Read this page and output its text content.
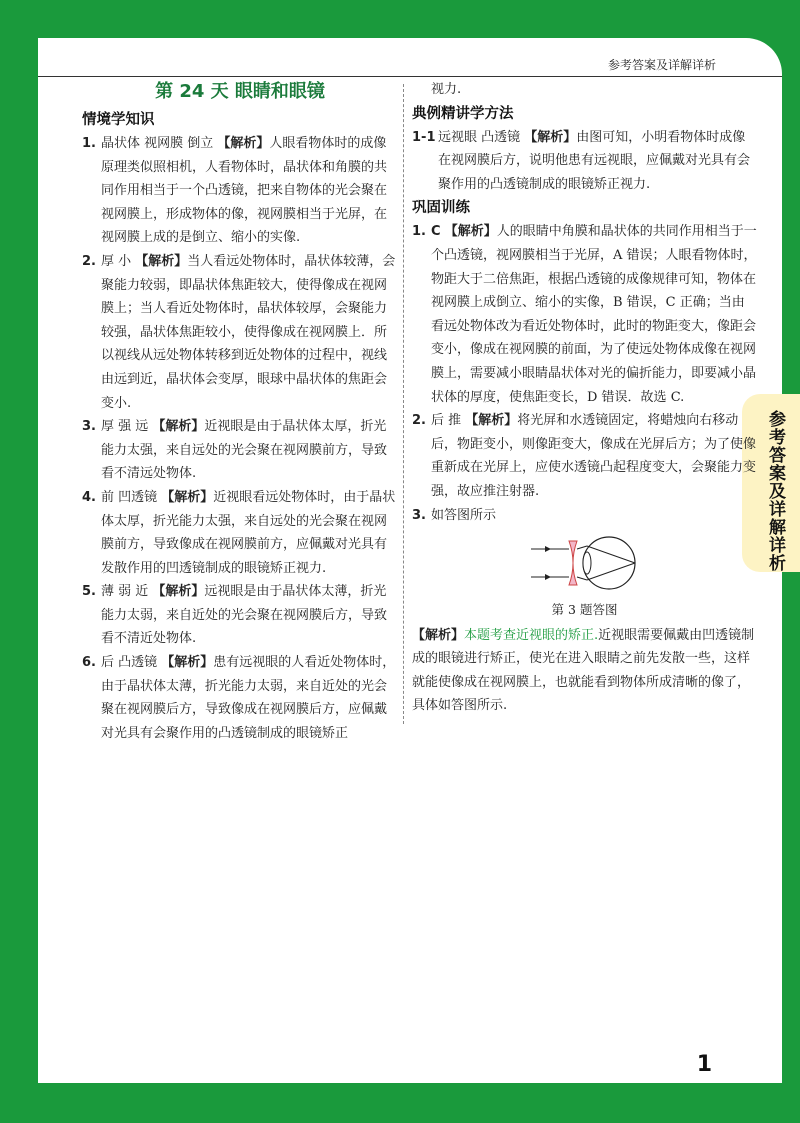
参考答案及详解详析
参考答案及详解详析
第 24 天 眼睛和眼镜
情境学知识
1. 晶状体 视网膜 倒立 【解析】人眼看物体时的成像原理类似照相机，人看物体时，晶状体和角膜的共同作用相当于一个凸透镜，把来自物体的光会聚在视网膜上，形成物体的像，视网膜相当于光屏，在视网膜上成的是倒立、缩小的实像.
2. 厚 小 【解析】当人看远处物体时，晶状体较薄，会聚能力较弱，即晶状体焦距较大，使得像成在视网膜上；当人看近处物体时，晶状体较厚，会聚能力较强，晶状体焦距较小，使得像成在视网膜上．所以视线从远处物体转移到近处物体的过程中，视线由远到近，晶状体会变厚，眼球中晶状体的焦距会变小.
3. 厚 强 远 【解析】近视眼是由于晶状体太厚，折光能力太强，来自远处的光会聚在视网膜前方，导致看不清远处物体.
4. 前 凹透镜 【解析】近视眼看远处物体时，由于晶状体太厚，折光能力太强，来自远处的光会聚在视网膜前方，导致像成在视网膜前方，应佩戴对光具有发散作用的凹透镜制成的眼镜矫正视力.
5. 薄 弱 近 【解析】远视眼是由于晶状体太薄，折光能力太弱，来自近处的光会聚在视网膜后方，导致看不清近处物体.
6. 后 凸透镜 【解析】患有远视眼的人看近处物体时，由于晶状体太薄，折光能力太弱，来自近处的光会聚在视网膜后方，导致像成在视网膜后方，应佩戴对光具有会聚作用的凸透镜制成的眼镜矫正
视力.
典例精讲学方法
1-1 远视眼 凸透镜 【解析】由图可知，小明看物体时成像在视网膜后方，说明他患有远视眼，应佩戴对光具有会聚作用的凸透镜制成的眼镜矫正视力.
巩固训练
1. C 【解析】人的眼睛中角膜和晶状体的共同作用相当于一个凸透镜，视网膜相当于光屏，A 错误；人眼看物体时，物距大于二倍焦距，根据凸透镜的成像规律可知，物体在视网膜上成倒立、缩小的实像，B 错误，C 正确；当由看远处物体改为看近处物体时，此时的物距变大，像距会变小，像成在视网膜的前面，为了使远处物体成像在视网膜上，需要减小眼睛晶状体对光的偏折能力，即要减小晶状体的厚度，使焦距变长，D 错误．故选 C.
2. 后 推 【解析】将光屏和水透镜固定，将蜡烛向右移动后，物距变小，则像距变大，像成在光屏后方；为了使像重新成在光屏上，应使水透镜凸起程度变大，会聚能力变强，故应推注射器.
3. 如答图所示
第 3 题答图
【解析】本题考查近视眼的矫正.近视眼需要佩戴由凹透镜制成的眼镜进行矫正，使光在进入眼睛之前先发散一些，这样就能使像成在视网膜上，也就能看到物体所成清晰的像了，具体如答图所示.
1
